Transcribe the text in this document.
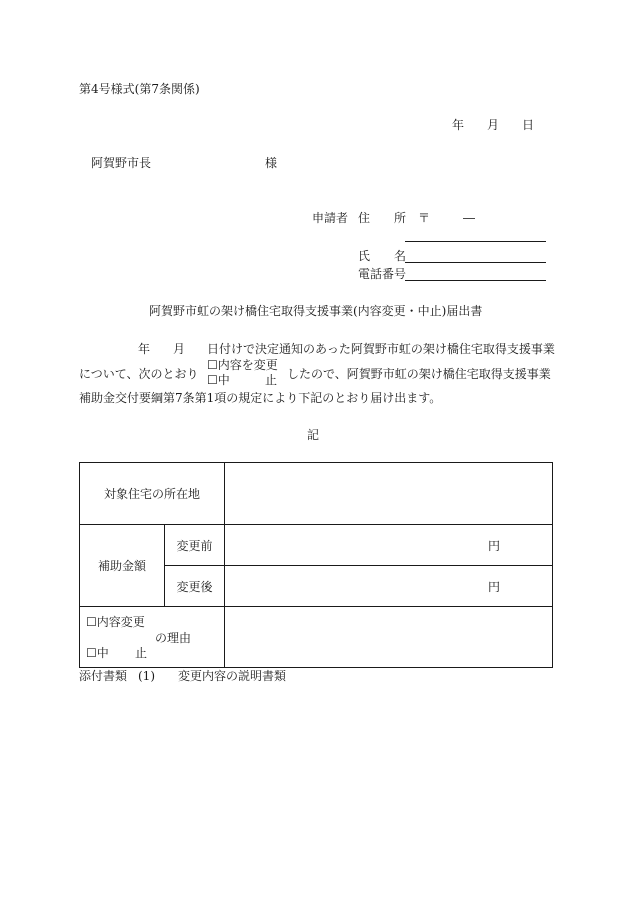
第4号様式(第7条関係)
年 月 日
阿賀野市長	様
申請者 住　　所 〒	―
氏　　名
電話番号
阿賀野市虹の架け橋住宅取得支援事業(内容変更・中止)届出書
年 月 日付けで決定通知のあった阿賀野市虹の架け橋住宅取得支援事業
について、次のとおり
☐内容を変更
☐中	止 したので、阿賀野市虹の架け橋住宅取得支援事業
補助金交付要綱第7条第1項の規定により下記のとおり届け出ます。
記
対象住宅の所在地		
補助金額	変更前	円
	変更後	円

☐内容変更
の理由
☐中 止		

添付書類 (1) 変更内容の説明書類
